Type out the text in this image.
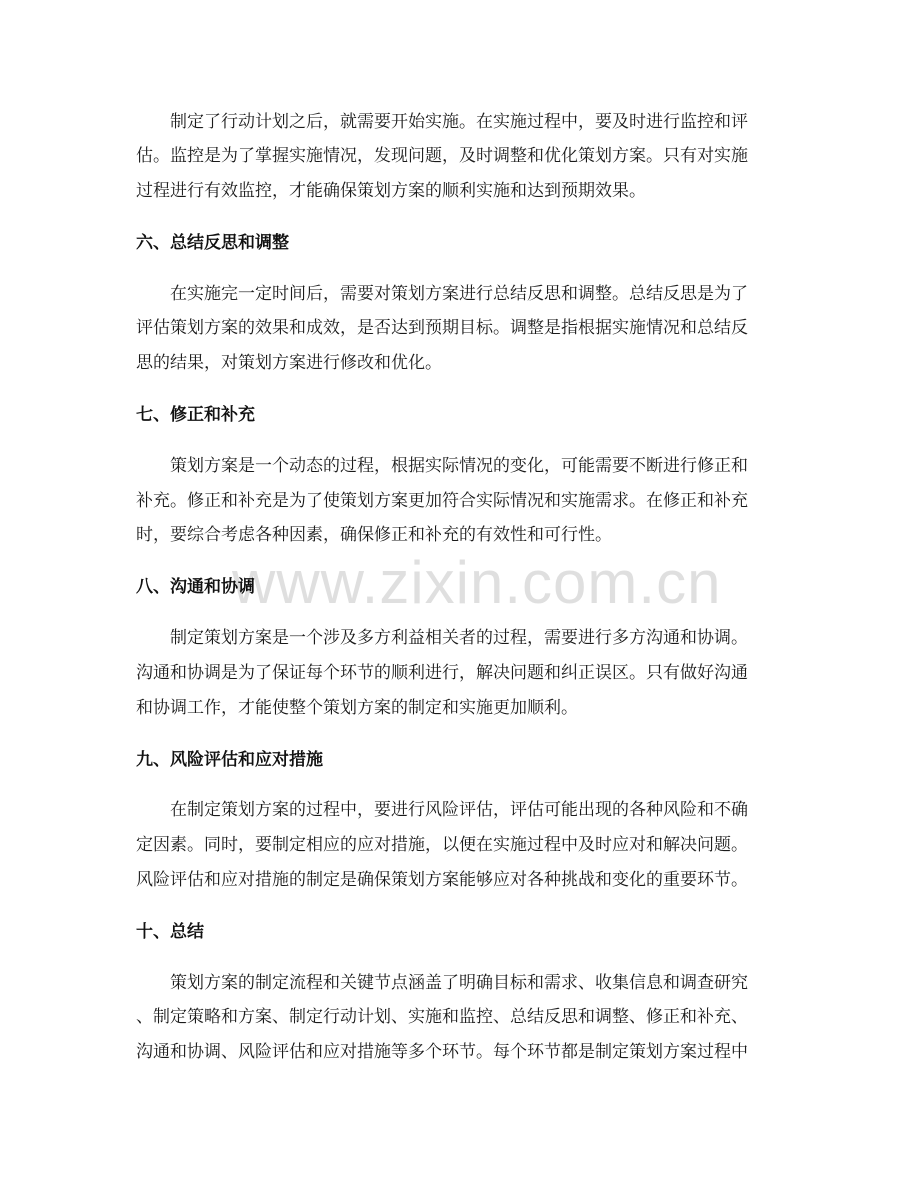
制定了行动计划之后，就需要开始实施。在实施过程中，要及时进行监控和评
估。监控是为了掌握实施情况，发现问题，及时调整和优化策划方案。只有对实施
过程进行有效监控，才能确保策划方案的顺利实施和达到预期效果。
六、总结反思和调整
在实施完一定时间后，需要对策划方案进行总结反思和调整。总结反思是为了
评估策划方案的效果和成效，是否达到预期目标。调整是指根据实施情况和总结反
思的结果，对策划方案进行修改和优化。
七、修正和补充
策划方案是一个动态的过程，根据实际情况的变化，可能需要不断进行修正和
补充。修正和补充是为了使策划方案更加符合实际情况和实施需求。在修正和补充
时，要综合考虑各种因素，确保修正和补充的有效性和可行性。
八、沟通和协调
制定策划方案是一个涉及多方利益相关者的过程，需要进行多方沟通和协调。
沟通和协调是为了保证每个环节的顺利进行，解决问题和纠正误区。只有做好沟通
和协调工作，才能使整个策划方案的制定和实施更加顺利。
九、风险评估和应对措施
在制定策划方案的过程中，要进行风险评估，评估可能出现的各种风险和不确
定因素。同时，要制定相应的应对措施，以便在实施过程中及时应对和解决问题。
风险评估和应对措施的制定是确保策划方案能够应对各种挑战和变化的重要环节。
十、总结
策划方案的制定流程和关键节点涵盖了明确目标和需求、收集信息和调查研究
、制定策略和方案、制定行动计划、实施和监控、总结反思和调整、修正和补充、
沟通和协调、风险评估和应对措施等多个环节。每个环节都是制定策划方案过程中
www.zixin.com.cn
